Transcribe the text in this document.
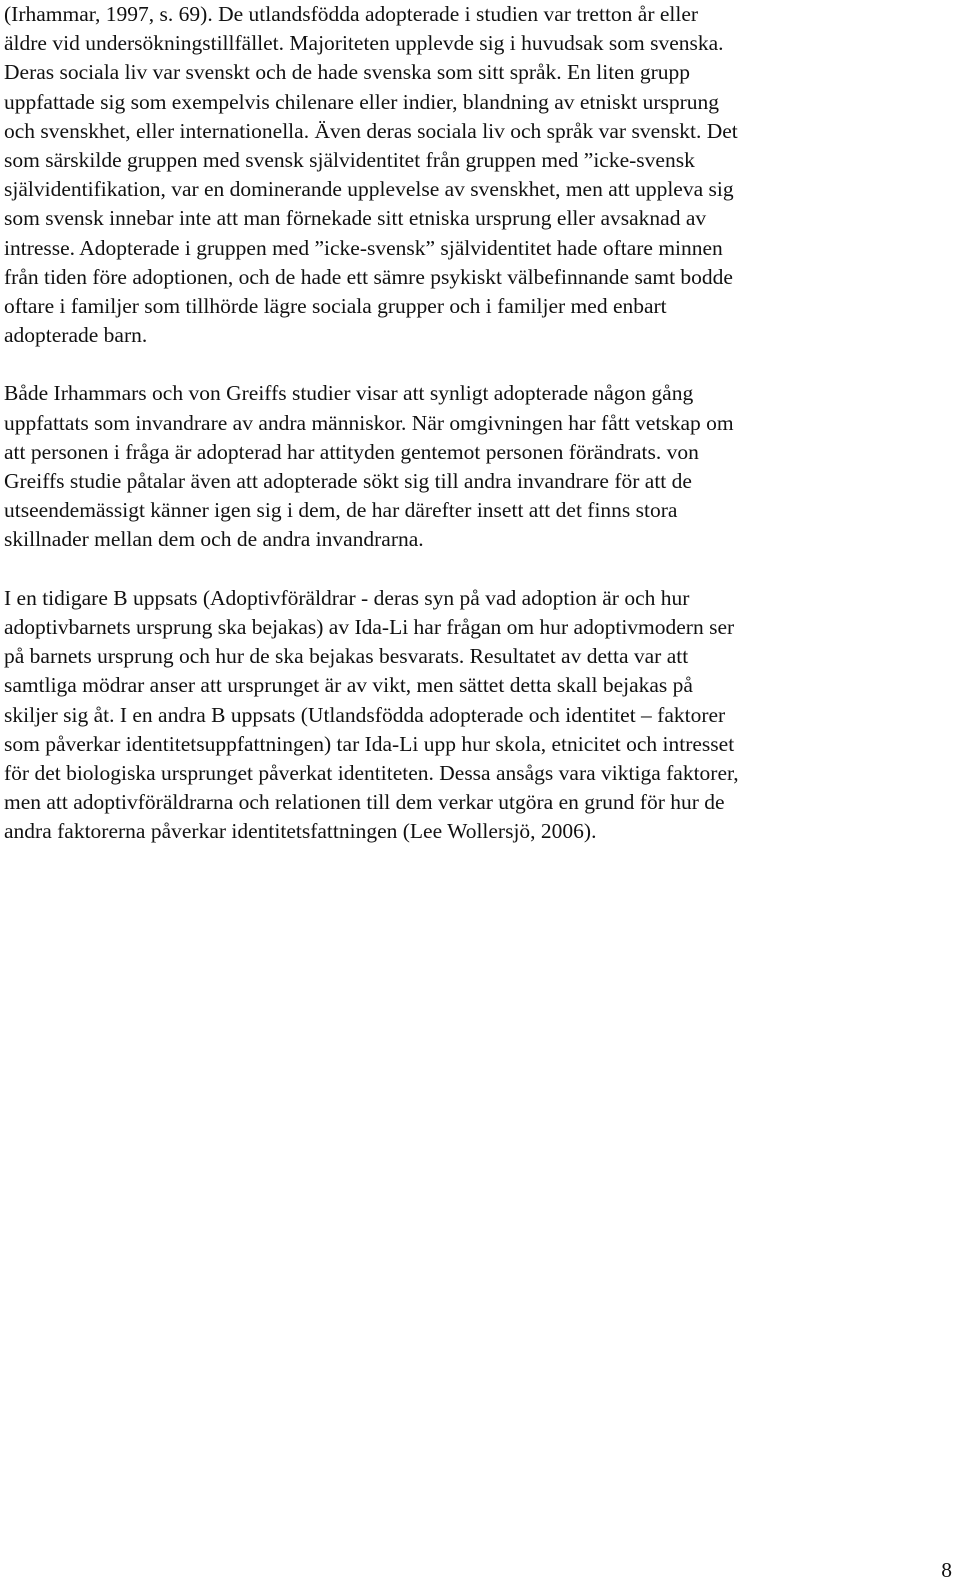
(Irhammar, 1997, s. 69). De utlandsfödda adopterade i studien var tretton år eller
äldre vid undersökningstillfället. Majoriteten upplevde sig i huvudsak som svenska.
Deras sociala liv var svenskt och de hade svenska som sitt språk. En liten grupp
uppfattade sig som exempelvis chilenare eller indier, blandning av etniskt ursprung
och svenskhet, eller internationella. Även deras sociala liv och språk var svenskt. Det
som särskilde gruppen med svensk självidentitet från gruppen med ”icke-svensk
självidentifikation, var en dominerande upplevelse av svenskhet, men att uppleva sig
som svensk innebar inte att man förnekade sitt etniska ursprung eller avsaknad av
intresse. Adopterade i gruppen med ”icke-svensk” självidentitet hade oftare minnen
från tiden före adoptionen, och de hade ett sämre psykiskt välbefinnande samt bodde
oftare i familjer som tillhörde lägre sociala grupper och i familjer med enbart
adopterade barn.

Både Irhammars och von Greiffs studier visar att synligt adopterade någon gång
uppfattats som invandrare av andra människor. När omgivningen har fått vetskap om
att personen i fråga är adopterad har attityden gentemot personen förändrats. von
Greiffs studie påtalar även att adopterade sökt sig till andra invandrare för att de
utseendemässigt känner igen sig i dem, de har därefter insett att det finns stora
skillnader mellan dem och de andra invandrarna.

I en tidigare B uppsats (Adoptivföräldrar - deras syn på vad adoption är och hur
adoptivbarnets ursprung ska bejakas) av Ida-Li har frågan om hur adoptivmodern ser
på barnets ursprung och hur de ska bejakas besvarats. Resultatet av detta var att
samtliga mödrar anser att ursprunget är av vikt, men sättet detta skall bejakas på
skiljer sig åt. I en andra B uppsats (Utlandsfödda adopterade och identitet – faktorer
som påverkar identitetsuppfattningen) tar Ida-Li upp hur skola, etnicitet och intresset
för det biologiska ursprunget påverkat identiteten. Dessa ansågs vara viktiga faktorer,
men att adoptivföräldrarna och relationen till dem verkar utgöra en grund för hur de
andra faktorerna påverkar identitetsfattningen (Lee Wollersjö, 2006).

8
